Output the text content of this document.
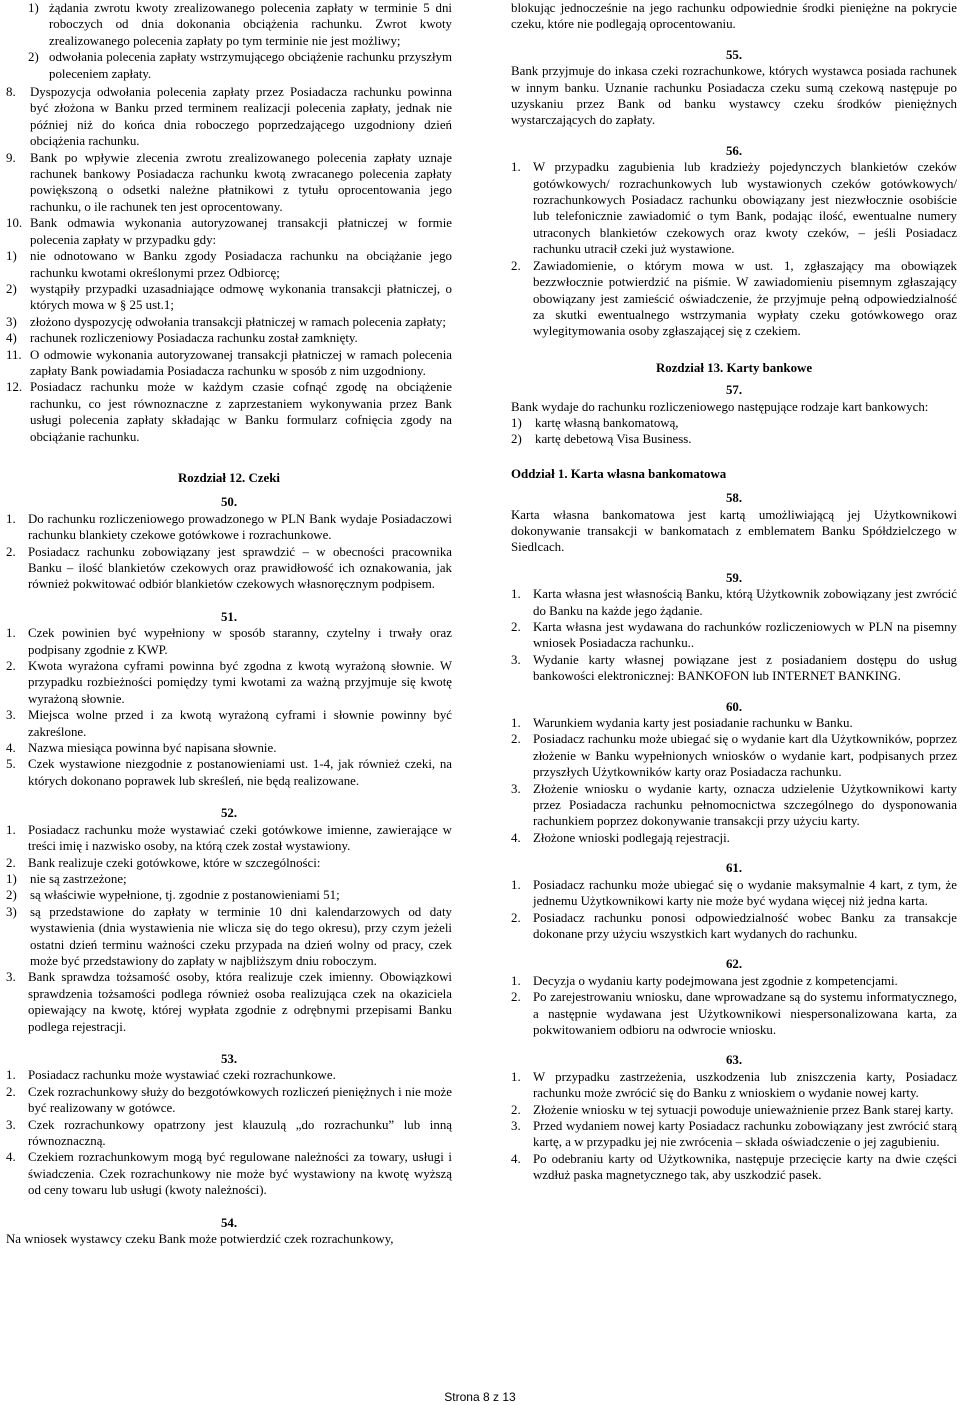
1) żądania zwrotu kwoty zrealizowanego polecenia zapłaty w terminie 5 dni roboczych od dnia dokonania obciążenia rachunku. Zwrot kwoty zrealizowanego polecenia zapłaty po tym terminie nie jest możliwy;
2) odwołania polecenia zapłaty wstrzymującego obciążenie rachunku przyszłym poleceniem zapłaty.
8.	Dyspozycja odwołania polecenia zapłaty przez Posiadacza rachunku powinna być złożona w Banku przed terminem realizacji polecenia zapłaty, jednak nie później niż do końca dnia roboczego poprzedzającego uzgodniony dzień obciążenia rachunku.
9.	Bank po wpływie zlecenia zwrotu zrealizowanego polecenia zapłaty uznaje rachunek bankowy Posiadacza rachunku kwotą zwracanego polecenia zapłaty powiększoną o odsetki należne płatnikowi z tytułu oprocentowania jego rachunku, o ile rachunek ten jest oprocentowany.
10. Bank odmawia wykonania autoryzowanej transakcji płatniczej w formie polecenia zapłaty w przypadku gdy:
1)	nie odnotowano w Banku zgody Posiadacza rachunku na obciążanie jego rachunku kwotami określonymi przez Odbiorcę;
2)	wystąpiły przypadki uzasadniające odmowę wykonania transakcji płatniczej, o których mowa w § 25 ust.1;
3)	złożono dyspozycję odwołania transakcji płatniczej w ramach polecenia zapłaty;
4)	rachunek rozliczeniowy Posiadacza rachunku został zamknięty.
11. O odmowie wykonania autoryzowanej transakcji płatniczej w ramach polecenia zapłaty Bank powiadamia Posiadacza rachunku w sposób z nim uzgodniony.
12. Posiadacz rachunku może w każdym czasie cofnąć zgodę na obciążenie rachunku, co jest równoznaczne z zaprzestaniem wykonywania przez Bank usługi polecenia zapłaty składając w Banku formularz cofnięcia zgody na obciążanie rachunku.

Rozdział 12. Czeki

50.

1. Do rachunku rozliczeniowego prowadzonego w PLN Bank wydaje Posiadaczowi rachunku blankiety czekowe gotówkowe i rozrachunkowe.
2. Posiadacz rachunku zobowiązany jest sprawdzić – w obecności pracownika Banku – ilość blankietów czekowych oraz prawidłowość ich oznakowania, jak również pokwitować odbiór blankietów czekowych własnoręcznym podpisem.

51.

1. Czek powinien być wypełniony w sposób staranny, czytelny i trwały oraz podpisany zgodnie z KWP.
2. Kwota wyrażona cyframi powinna być zgodna z kwotą wyrażoną słownie. W przypadku rozbieżności pomiędzy tymi kwotami za ważną przyjmuje się kwotę wyrażoną słownie.
3. Miejsca wolne przed i za kwotą wyrażoną cyframi i słownie powinny być zakreślone.
4. Nazwa miesiąca powinna być napisana słownie.
5. Czek wystawione niezgodnie z postanowieniami ust. 1-4, jak również czeki, na których dokonano poprawek lub skreśleń, nie będą realizowane.

52.

1. Posiadacz rachunku może wystawiać czeki gotówkowe imienne, zawierające w treści imię i nazwisko osoby, na którą czek został wystawiony.
2. Bank realizuje czeki gotówkowe, które w szczególności:
1)	nie są zastrzeżone;
2)	są właściwie wypełnione, tj. zgodnie z postanowieniami 51;
3)	są przedstawione do zapłaty w terminie 10 dni kalendarzowych od daty wystawienia (dnia wystawienia nie wlicza się do tego okresu), przy czym jeżeli ostatni dzień terminu ważności czeku przypada na dzień wolny od pracy, czek może być przedstawiony do zapłaty w najbliższym dniu roboczym.
3. Bank sprawdza tożsamość osoby, która realizuje czek imienny. Obowiązkowi sprawdzenia tożsamości podlega również osoba realizująca czek na okaziciela opiewający na kwotę, której wypłata zgodnie z odrębnymi przepisami Banku podlega rejestracji.

53.

1. Posiadacz rachunku może wystawiać czeki rozrachunkowe.
2. Czek rozrachunkowy służy do bezgotówkowych rozliczeń pieniężnych i nie może być realizowany w gotówce.
3. Czek rozrachunkowy opatrzony jest klauzulą „do rozrachunku” lub inną równoznaczną.
4. Czekiem rozrachunkowym mogą być regulowane należności za towary, usługi i świadczenia. Czek rozrachunkowy nie może być wystawiony na kwotę wyższą od ceny towaru lub usługi (kwoty należności).

54.

Na wniosek wystawcy czeku Bank może potwierdzić czek rozrachunkowy,

blokując jednocześnie na jego rachunku odpowiednie środki pieniężne na pokrycie czeku, które nie podlegają oprocentowaniu.

55.

Bank przyjmuje do inkasa czeki rozrachunkowe, których wystawca posiada rachunek w innym banku. Uznanie rachunku Posiadacza czeku sumą czekową następuje po uzyskaniu przez Bank od banku wystawcy czeku środków pieniężnych wystarczających do zapłaty.

56.

1. W przypadku zagubienia lub kradzieży pojedynczych blankietów czeków gotówkowych/ rozrachunkowych lub wystawionych czeków gotówkowych/ rozrachunkowych Posiadacz rachunku obowiązany jest niezwłocznie osobiście lub telefonicznie zawiadomić o tym Bank, podając ilość, ewentualne numery utraconych blankietów czekowych oraz kwoty czeków, – jeśli Posiadacz rachunku utracił czeki już wystawione.
2. Zawiadomienie, o którym mowa w ust. 1, zgłaszający ma obowiązek bezzwłocznie potwierdzić na piśmie. W zawiadomieniu pisemnym zgłaszający obowiązany jest zamieścić oświadczenie, że przyjmuje pełną odpowiedzialność za skutki ewentualnego wstrzymania wypłaty czeku gotówkowego oraz wylegitymowania osoby zgłaszającej się z czekiem.

Rozdział 13. Karty bankowe

57.

Bank wydaje do rachunku rozliczeniowego następujące rodzaje kart bankowych:

1)	kartę własną bankomatową,
2)	kartę debetową Visa Business.

Oddział 1. Karta własna bankomatowa

58.

Karta własna bankomatowa jest kartą umożliwiającą jej Użytkownikowi dokonywanie transakcji w bankomatach z emblematem Banku Spółdzielczego w Siedlcach.

59.

1. Karta własna jest własnością Banku, którą Użytkownik zobowiązany jest zwrócić do Banku na każde jego żądanie.
2. Karta własna jest wydawana do rachunków rozliczeniowych w PLN na pisemny wniosek Posiadacza rachunku..
3. Wydanie karty własnej powiązane jest z posiadaniem dostępu do usług bankowości elektronicznej: BANKOFON lub INTERNET BANKING.

60.

1. Warunkiem wydania karty jest posiadanie rachunku w Banku.
2. Posiadacz rachunku może ubiegać się o wydanie kart dla Użytkowników, poprzez złożenie w Banku wypełnionych wniosków o wydanie kart, podpisanych przez przyszłych Użytkowników karty oraz Posiadacza rachunku.
3. Złożenie wniosku o wydanie karty, oznacza udzielenie Użytkownikowi karty przez Posiadacza rachunku pełnomocnictwa szczególnego do dysponowania rachunkiem poprzez dokonywanie transakcji przy użyciu karty.
4. Złożone wnioski podlegają rejestracji.

61.

1. Posiadacz rachunku może ubiegać się o wydanie maksymalnie 4 kart, z tym, że jednemu Użytkownikowi karty nie może być wydana więcej niż jedna karta.
2. Posiadacz rachunku ponosi odpowiedzialność wobec Banku za transakcje dokonane przy użyciu wszystkich kart wydanych do rachunku.

62.

1. Decyzja o wydaniu karty podejmowana jest zgodnie z kompetencjami.
2. Po zarejestrowaniu wniosku, dane wprowadzane są do systemu informatycznego, a następnie wydawana jest Użytkownikowi niespersonalizowana karta, za pokwitowaniem odbioru na odwrocie wniosku.

63.

1. W przypadku zastrzeżenia, uszkodzenia lub zniszczenia karty, Posiadacz rachunku może zwrócić się do Banku z wnioskiem o wydanie nowej karty.
2. Złożenie wniosku w tej sytuacji powoduje unieważnienie przez Bank starej karty.
3. Przed wydaniem nowej karty Posiadacz rachunku zobowiązany jest zwrócić starą kartę, a w przypadku jej nie zwrócenia – składa oświadczenie o jej zagubieniu.
4. Po odebraniu karty od Użytkownika, następuje przecięcie karty na dwie części wzdłuż paska magnetycznego tak, aby uszkodzić pasek.
Strona 8 z 13
